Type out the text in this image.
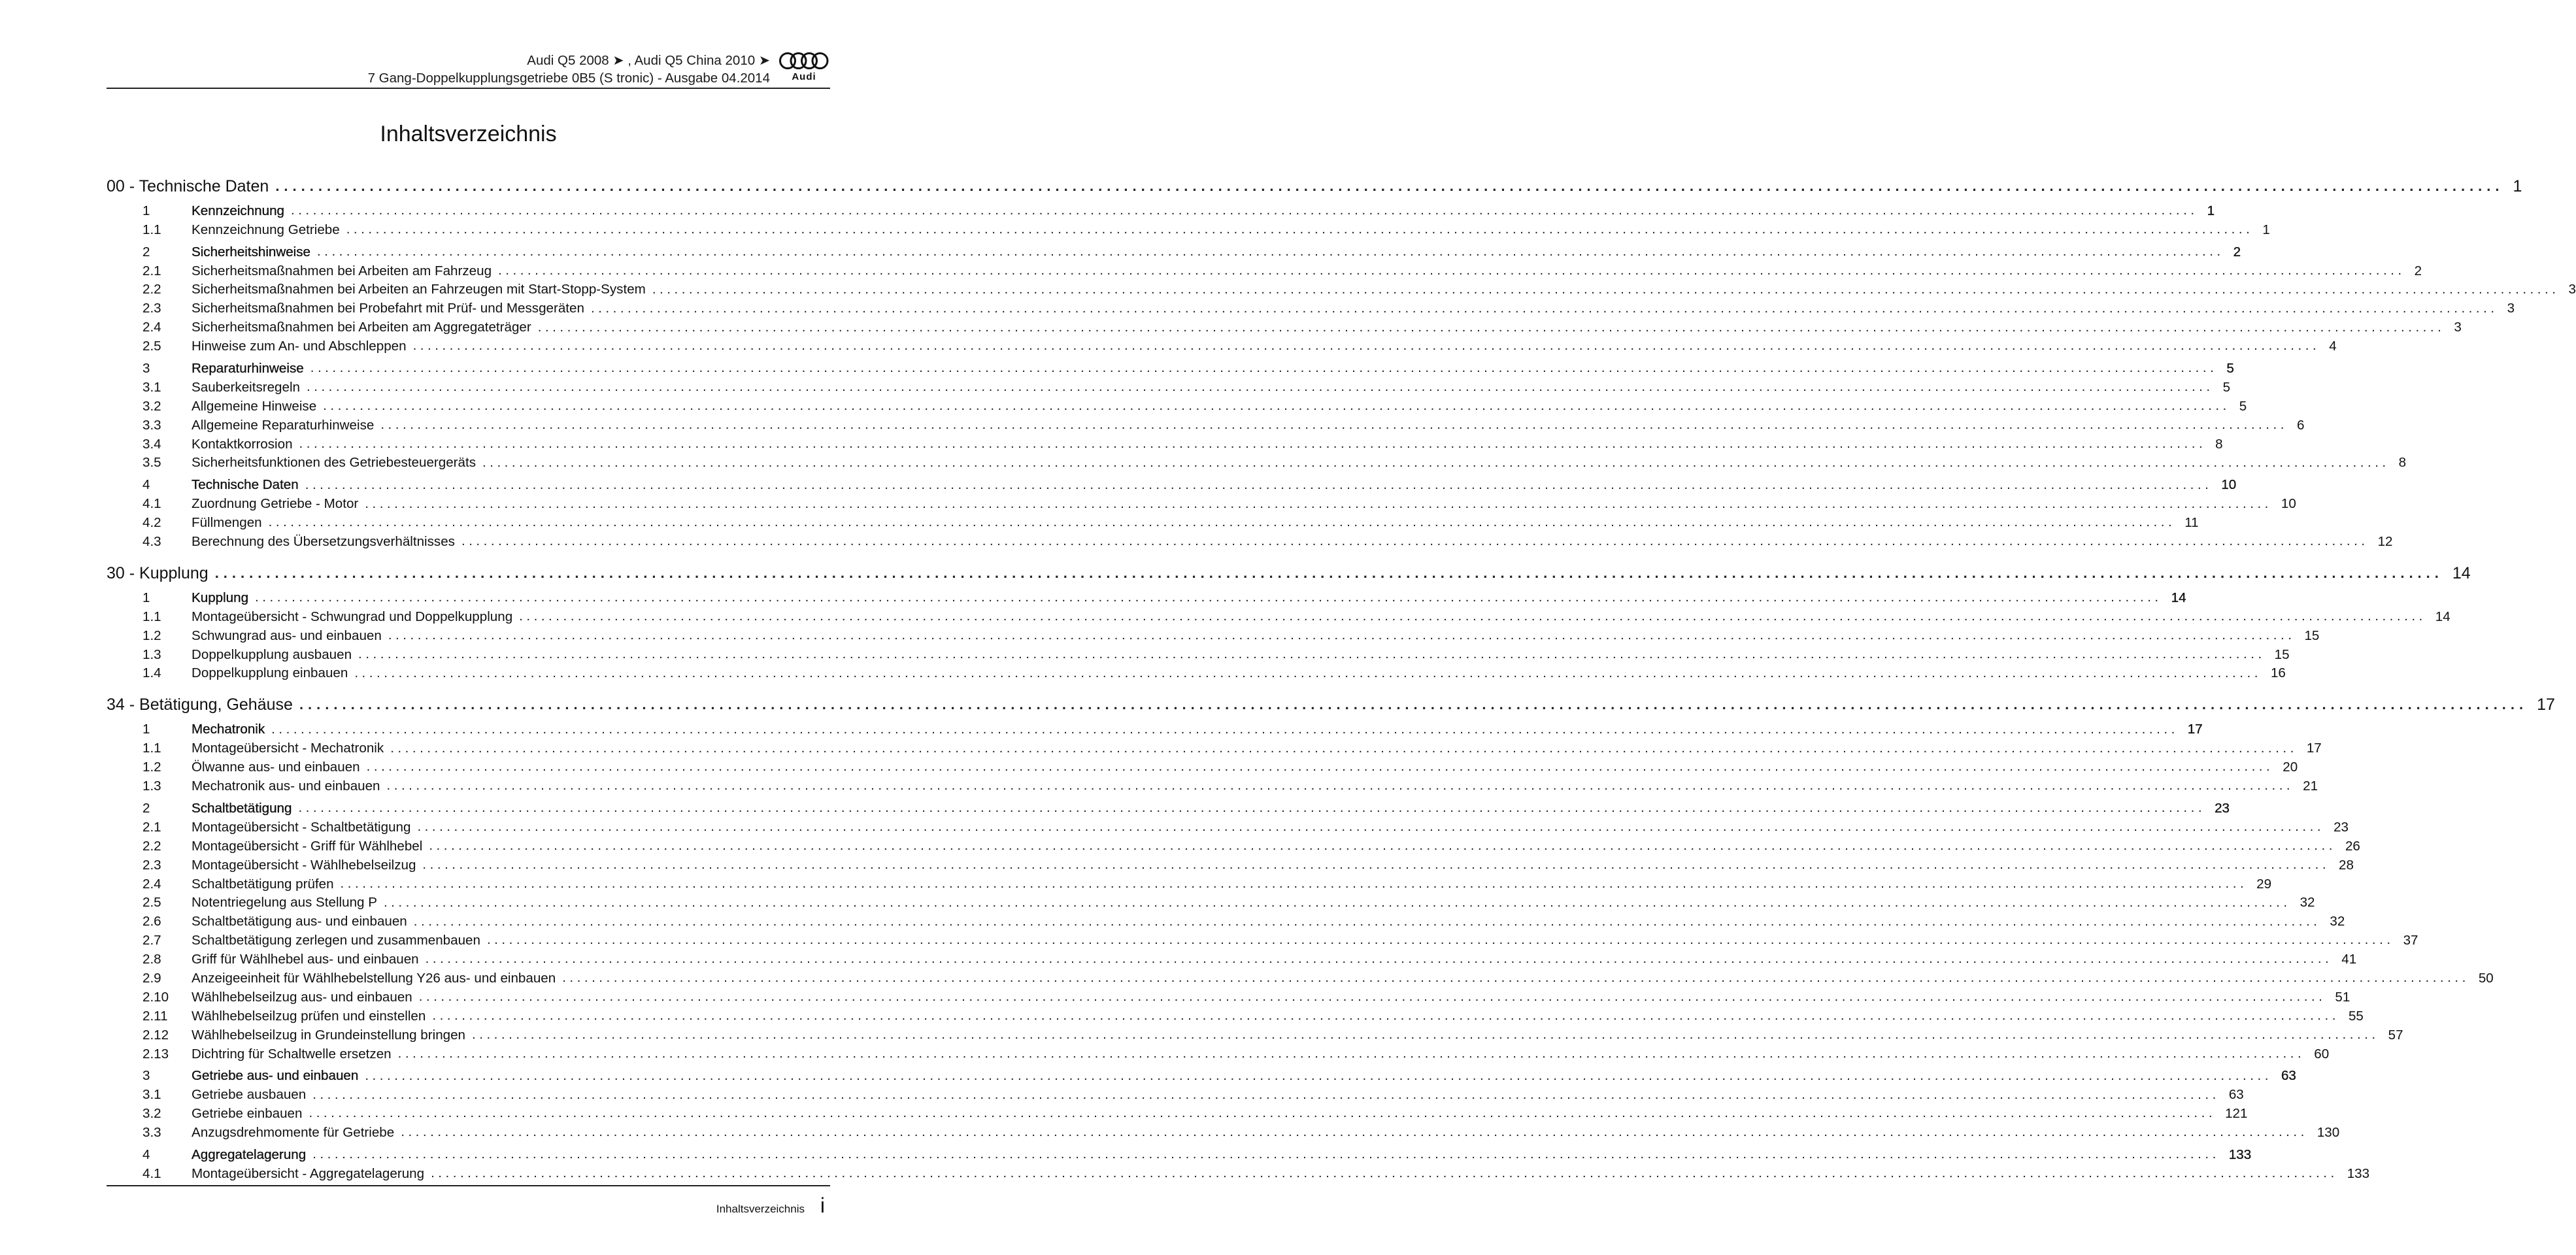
Audi Q5 2008 ➤ , Audi Q5 China 2010 ➤
7 Gang-Doppelkupplungsgetriebe 0B5 (S tronic) - Ausgabe 04.2014	Audi
Inhaltsverzeichnis
00 - Technische Daten .................................................................................................................................................................................................................................................................... 1
1	Kennzeichnung .................................................................................................................................................................................................................................................................... 1
1.1 Kennzeichnung Getriebe .................................................................................................................................................................................................................................................................... 1
2	Sicherheitshinweise .................................................................................................................................................................................................................................................................... 2
2.1 Sicherheitsmaßnahmen bei Arbeiten am Fahrzeug .................................................................................................................................................................................................................................................................... 2
2.2 Sicherheitsmaßnahmen bei Arbeiten an Fahrzeugen mit Start-Stopp-System .................................................................................................................................................................................................................................................................... 3
2.3 Sicherheitsmaßnahmen bei Probefahrt mit Prüf- und Messgeräten .................................................................................................................................................................................................................................................................... 3
2.4 Sicherheitsmaßnahmen bei Arbeiten am Aggregateträger .................................................................................................................................................................................................................................................................... 3
2.5 Hinweise zum An- und Abschleppen .................................................................................................................................................................................................................................................................... 4
3	Reparaturhinweise .................................................................................................................................................................................................................................................................... 5
3.1 Sauberkeitsregeln .................................................................................................................................................................................................................................................................... 5
3.2 Allgemeine Hinweise .................................................................................................................................................................................................................................................................... 5
3.3 Allgemeine Reparaturhinweise .................................................................................................................................................................................................................................................................... 6
3.4 Kontaktkorrosion .................................................................................................................................................................................................................................................................... 8
3.5 Sicherheitsfunktionen des Getriebesteuergeräts .................................................................................................................................................................................................................................................................... 8
4	Technische Daten .................................................................................................................................................................................................................................................................... 10
4.1 Zuordnung Getriebe - Motor .................................................................................................................................................................................................................................................................... 10
4.2 Füllmengen .................................................................................................................................................................................................................................................................... 11
4.3 Berechnung des Übersetzungsverhältnisses .................................................................................................................................................................................................................................................................... 12
30 - Kupplung .................................................................................................................................................................................................................................................................... 14
1	Kupplung .................................................................................................................................................................................................................................................................... 14
1.1 Montageübersicht - Schwungrad und Doppelkupplung .................................................................................................................................................................................................................................................................... 14
1.2 Schwungrad aus- und einbauen .................................................................................................................................................................................................................................................................... 15
1.3 Doppelkupplung ausbauen .................................................................................................................................................................................................................................................................... 15
1.4 Doppelkupplung einbauen .................................................................................................................................................................................................................................................................... 16
34 - Betätigung, Gehäuse .................................................................................................................................................................................................................................................................... 17
1	Mechatronik .................................................................................................................................................................................................................................................................... 17
1.1 Montageübersicht - Mechatronik .................................................................................................................................................................................................................................................................... 17
1.2 Ölwanne aus- und einbauen .................................................................................................................................................................................................................................................................... 20
1.3 Mechatronik aus- und einbauen .................................................................................................................................................................................................................................................................... 21
2	Schaltbetätigung .................................................................................................................................................................................................................................................................... 23
2.1 Montageübersicht - Schaltbetätigung .................................................................................................................................................................................................................................................................... 23
2.2 Montageübersicht - Griff für Wählhebel .................................................................................................................................................................................................................................................................... 26
2.3 Montageübersicht - Wählhebelseilzug .................................................................................................................................................................................................................................................................... 28
2.4 Schaltbetätigung prüfen .................................................................................................................................................................................................................................................................... 29
2.5 Notentriegelung aus Stellung P .................................................................................................................................................................................................................................................................... 32
2.6 Schaltbetätigung aus- und einbauen .................................................................................................................................................................................................................................................................... 32
2.7 Schaltbetätigung zerlegen und zusammenbauen .................................................................................................................................................................................................................................................................... 37
2.8 Griff für Wählhebel aus- und einbauen .................................................................................................................................................................................................................................................................... 41
2.9 Anzeigeeinheit für Wählhebelstellung Y26 aus- und einbauen .................................................................................................................................................................................................................................................................... 50
2.10 Wählhebelseilzug aus- und einbauen .................................................................................................................................................................................................................................................................... 51
2.11 Wählhebelseilzug prüfen und einstellen .................................................................................................................................................................................................................................................................... 55
2.12 Wählhebelseilzug in Grundeinstellung bringen .................................................................................................................................................................................................................................................................... 57
2.13 Dichtring für Schaltwelle ersetzen .................................................................................................................................................................................................................................................................... 60
3	Getriebe aus- und einbauen .................................................................................................................................................................................................................................................................... 63
3.1 Getriebe ausbauen .................................................................................................................................................................................................................................................................... 63
3.2 Getriebe einbauen .................................................................................................................................................................................................................................................................... 121
3.3 Anzugsdrehmomente für Getriebe .................................................................................................................................................................................................................................................................... 130
4	Aggregatelagerung .................................................................................................................................................................................................................................................................... 133
4.1 Montageübersicht - Aggregatelagerung .................................................................................................................................................................................................................................................................... 133
Inhaltsverzeichnis i
